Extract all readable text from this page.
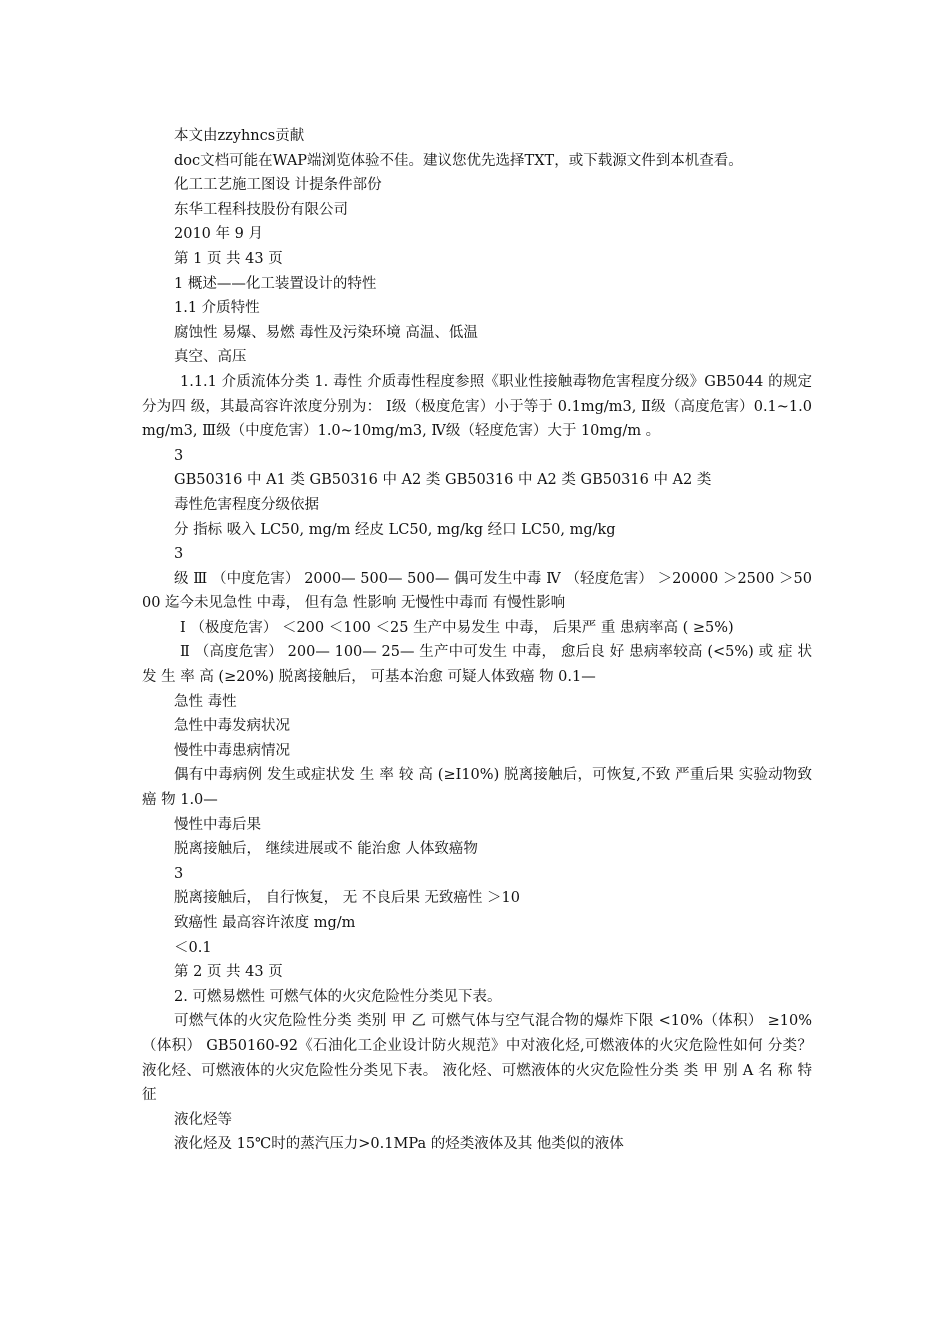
本文由zzyhncs贡献
doc文档可能在WAP端浏览体验不佳。建议您优先选择TXT，或下载源文件到本机查看。
化工工艺施工图设 计提条件部份
东华工程科技股份有限公司
2010 年 9 月
第 1 页 共 43 页
1 概述——化工装置设计的特性
1.1 介质特性
腐蚀性 易爆、易燃 毒性及污染环境 高温、低温
真空、高压
1.1.1 介质流体分类 1. 毒性 介质毒性程度参照《职业性接触毒物危害程度分级》GB5044 的规定分为四 级，其最高容许浓度分别为： Ⅰ级（极度危害）小于等于 0.1mg/m3, Ⅱ级（高度危害）0.1~1.0mg/m3, Ⅲ级（中度危害）1.0~10mg/m3, Ⅳ级（轻度危害）大于 10mg/m 。
3
GB50316 中 A1 类 GB50316 中 A2 类 GB50316 中 A2 类 GB50316 中 A2 类
毒性危害程度分级依据
分 指标 吸入 LC50, mg/m 经皮 LC50, mg/kg 经口 LC50, mg/kg
3
级 Ⅲ （中度危害） 2000— 500— 500— 偶可发生中毒 Ⅳ （轻度危害） ＞20000 ＞2500 ＞5000 迄今未见急性 中毒， 但有急 性影响 无慢性中毒而 有慢性影响
Ⅰ （极度危害） ＜200 ＜100 ＜25 生产中易发生 中毒， 后果严 重 患病率高 ( ≥5%)
Ⅱ （高度危害） 200— 100— 25— 生产中可发生 中毒， 愈后良 好 患病率较高 (<5%) 或 症 状 发 生 率 高 (≥20%) 脱离接触后， 可基本治愈 可疑人体致癌 物 0.1—
急性 毒性
急性中毒发病状况
慢性中毒患病情况
偶有中毒病例 发生或症状发 生 率 较 高 (≥I10%) 脱离接触后，可恢复,不致 严重后果 实验动物致癌 物 1.0—
慢性中毒后果
脱离接触后， 继续进展或不 能治愈 人体致癌物
3
脱离接触后， 自行恢复， 无 不良后果 无致癌性 ＞10
致癌性 最高容许浓度 mg/m
＜0.1
第 2 页 共 43 页
2. 可燃易燃性 可燃气体的火灾危险性分类见下表。
可燃气体的火灾危险性分类 类别 甲 乙 可燃气体与空气混合物的爆炸下限 <10%（体积） ≥10%（体积） GB50160-92《石油化工企业设计防火规范》中对液化烃,可燃液体的火灾危险性如何 分类？ 液化烃、可燃液体的火灾危险性分类见下表。 液化烃、可燃液体的火灾危险性分类 类 甲 别 A 名 称 特 征
液化烃等
液化烃及 15℃时的蒸汽压力>0.1MPa 的烃类液体及其 他类似的液体
